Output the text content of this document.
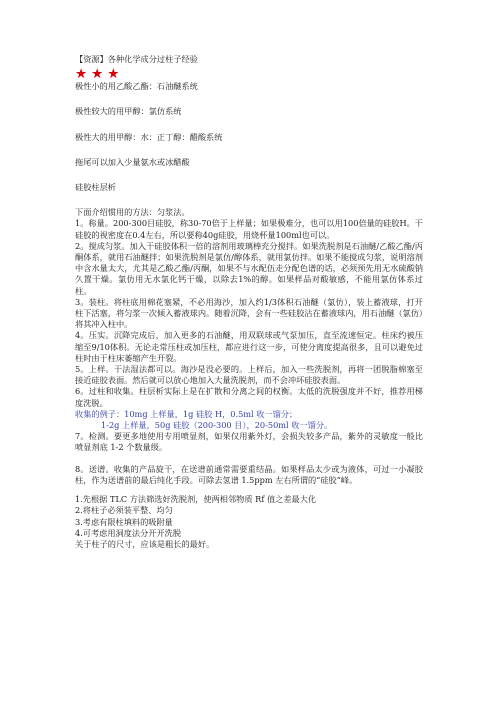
【资源】各种化学成分过柱子经验
★ ★ ★
极性小的用乙酸乙酯：石油醚系统
极性较大的用甲醇：氯仿系统
极性大的用甲醇：水：正丁醇：醋酸系统
拖尾可以加入少量氨水或冰醋酸
硅胶柱层析
下面介绍惯用的方法：匀浆法。

1。称量。200-300目硅胶，称30-70倍于上样量；如果极难分，也可以用100倍量的硅胶H。干硅胶的视密度在0.4左右，所以要称40g硅胶，用烧杯量100ml也可以。

2。搅成匀浆。加入干硅胶体积一倍的溶剂用玻璃棒充分搅拌。如果洗脱剂是石油醚/乙酸乙酯/丙酮体系，就用石油醚拌；如果洗脱剂是氯仿/醇体系，就用氯仿拌。如果不能搅成匀浆，说明溶剂中含水量太大，尤其是乙酸乙酯/丙酮，如果不与水配伍走分配色谱的话，必须预先用无水硫酸钠久置干燥。氯仿用无水氯化钙干燥，以除去1%的醇。如果样品对酸敏感，不能用氯仿体系过柱。

3。装柱。将柱底用棉花塞紧，不必用海沙，加入约1/3体积石油醚（氯仿），装上蓄液球，打开柱下活塞，将匀浆一次倾入蓄液球内。随着沉降，会有一些硅胶沾在蓄液球内，用石油醚（氯仿）将其冲入柱中。

4。压实。沉降完成后，加入更多的石油醚，用双联球或气泵加压，直至流速恒定。柱床约被压缩至9/10体积。无论走常压柱或加压柱，都应进行这一步，可使分离度提高很多，且可以避免过柱时由于柱床萎缩产生开裂。

5。上样。干法湿法都可以。海沙是没必要的。上样后，加入一些洗脱剂，再将一团脱脂棉塞至接近硅胶表面。然后就可以放心地加入大量洗脱剂，而不会冲坏硅胶表面。

6。过柱和收集。柱层析实际上是在扩散和分离之间的权衡。太低的洗脱强度并不好，推荐用梯度洗脱。

收集的例子：10mg 上样量，1g 硅胶 H，0.5ml 收一馏分；
1-2g 上样量，50g 硅胶（200-300 目），20-50ml 收一馏分。

7。检测。要更多地使用专用喷显剂，如果仅用紫外灯，会损失较多产品，紫外的灵敏度一般比喷显剂底 1-2 个数量级。

8。送谱。收集的产品旋干，在送谱前通常需要重结晶。如果样品太少或为液体，可过一小凝胶柱，作为送谱前的最后纯化手段。可除去氢谱 1.5ppm 左右所谓的“硅胶”峰。

1.先根据 TLC 方法筛选好洗脱剂，使两相邻物质 Rf 值之差最大化
2.将柱子必须装平整、均匀
3.考虑有限柱填料的吸附量
4.可考虑用洞度法分开开洗脱
关于柱子的尺寸，应该是粗长的最好。
